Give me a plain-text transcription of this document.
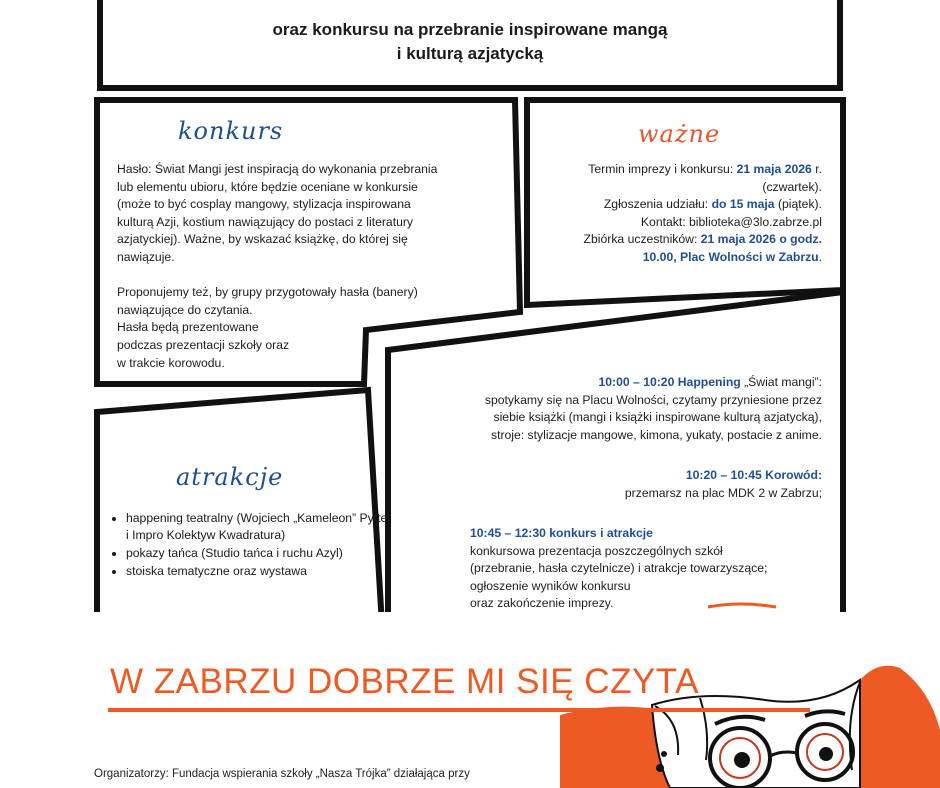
oraz konkursu na przebranie inspirowane mangą
i kulturą azjatycką
konkurs
Hasło: Świat Mangi jest inspiracją do wykonania przebrania
lub elementu ubioru, które będzie oceniane w konkursie
(może to być cosplay mangowy, stylizacja inspirowana
kulturą Azji, kostium nawiązujący do postaci z literatury
azjatyckiej). Ważne, by wskazać książkę, do której się
nawiązuje.

Proponujemy też, by grupy przygotowały hasła (banery)
nawiązujące do czytania.
Hasła będą prezentowane
podczas prezentacji szkoły oraz
w trakcie korowodu.
ważne
Termin imprezy i konkursu: 21 maja 2026 r.
(czwartek).
Zgłoszenia udziału: do 15 maja (piątek).
Kontakt: biblioteka@3lo.zabrze.pl
Zbiórka uczestników: 21 maja 2026 o godz.
10.00, Plac Wolności w Zabrzu.
10:00 – 10:20 Happening „Świat mangi”:
spotykamy się na Placu Wolności, czytamy przyniesione przez
siebie książki (mangi i książki inspirowane kulturą azjatycką),
stroje: stylizacje mangowe, kimona, yukaty, postacie z anime.
10:20 – 10:45 Korowód:
przemarsz na plac MDK 2 w Zabrzu;
10:45 – 12:30 konkurs i atrakcje
konkursowa prezentacja poszczególnych szkół
(przebranie, hasła czytelnicze) i atrakcje towarzyszące;
ogłoszenie wyników konkursu
oraz zakończenie imprezy.
atrakcje
• happening teatralny (Wojciech „Kameleon” Pyttel i Impro Kolektyw Kwadratura)
• pokazy tańca (Studio tańca i ruchu Azyl)
• stoiska tematyczne oraz wystawa
W ZABRZU DOBRZE MI SIĘ CZYTA
Organizatorzy: Fundacja wspierania szkoły „Nasza Trójka” działająca przy
